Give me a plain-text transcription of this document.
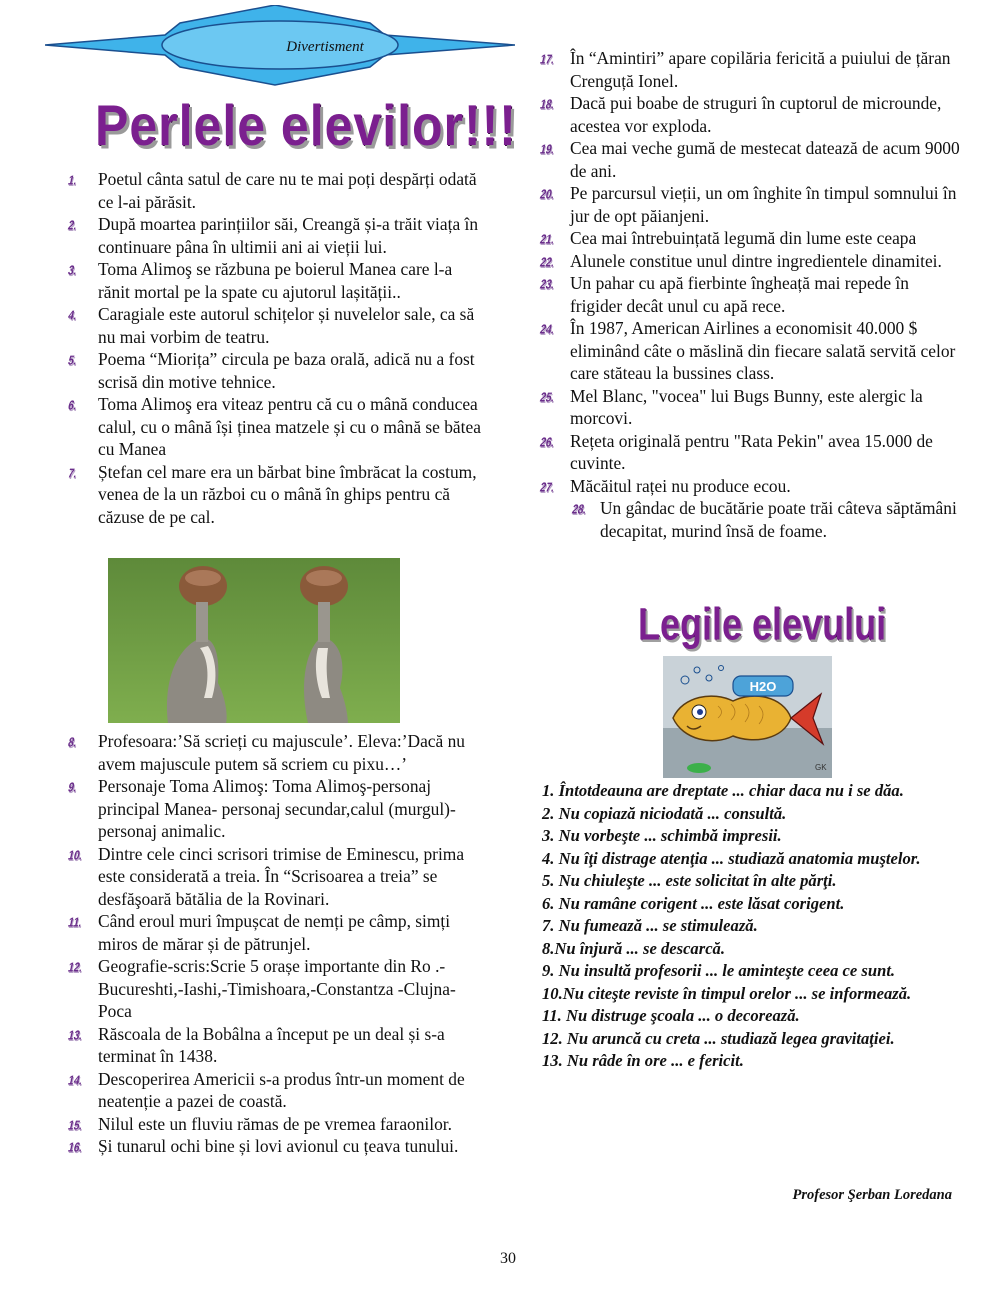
Divertisment
Perlele elevilor!!!
1. Poetul cânta satul de care nu te mai poți despărți odată ce l-ai părăsit.
2. După moartea parințiilor săi, Creangă și-a trăit viața în continuare pâna în ultimii ani ai vieții lui.
3. Toma Alimoş se răzbuna pe boierul Manea care l-a rănit mortal pe la spate cu ajutorul lașității..
4. Caragiale este autorul schițelor și nuvelelor sale, ca să nu mai vorbim de teatru.
5. Poema “Miorița” circula pe baza orală, adică nu a fost scrisă din motive tehnice.
6. Toma Alimoş era viteaz pentru că cu o mână conducea calul, cu o mână își ținea matzele și cu o mână se bătea cu Manea
7. Ștefan cel mare era un bărbat bine îmbrăcat la costum, venea de la un război cu o mână în ghips pentru că căzuse de pe cal.
8. Profesoara:’Să scrieți cu majuscule’. Eleva:’Dacă nu avem majuscule putem să scriem cu pixu…’
9. Personaje Toma Alimoş: Toma Alimoş-personaj principal Manea- personaj secundar,calul (murgul)- personaj animalic.
10. Dintre cele cinci scrisori trimise de Eminescu, prima este considerată a treia. În “Scrisoarea a treia” se desfăşoară bătălia de la Rovinari.
11. Când eroul muri împușcat de nemți pe câmp, simți miros de mărar și de pătrunjel.
12. Geografie-scris:Scrie 5 orașe importante din Ro .-Bucureshti,-Iashi,-Timishoara,-Constantza -Clujna-Poca
13. Răscoala de la Bobâlna a început pe un deal și s-a terminat în 1438.
14. Descoperirea Americii s-a produs într-un moment de neatenție a pazei de coastă.
15. Nilul este un fluviu rămas de pe vremea faraonilor.
16. Și tunarul ochi bine și lovi avionul cu țeava tunului.
17. În “Amintiri” apare copilăria fericită a puiului de țăran Crenguță Ionel.
18. Dacă pui boabe de struguri în cuptorul de microunde, acestea vor exploda.
19. Cea mai veche gumă de mestecat datează de acum 9000 de ani.
20. Pe parcursul vieții, un om înghite în timpul somnului în jur de opt păianjeni.
21. Cea mai întrebuințată legumă din lume este ceapa
22. Alunele constitue unul dintre ingredientele dinamitei.
23. Un pahar cu apă fierbinte îngheață mai repede în frigider decât unul cu apă rece.
24. În 1987, American Airlines a economisit 40.000 $ eliminând câte o măslină din fiecare salată servită celor care stăteau la bussines class.
25. Mel Blanc, "vocea" lui Bugs Bunny, este alergic la morcovi.
26. Rețeta originală pentru "Rata Pekin" avea 15.000 de cuvinte.
27. Măcăitul raței nu produce ecou.
28. Un gândac de bucătărie poate trăi câteva săptămâni decapitat, murind însă de foame.
Legile elevului
H2O
GK

1. Întotdeauna are dreptate ... chiar daca nu i se dăa.

2. Nu copiază niciodată ... consultă.

3. Nu vorbeşte ... schimbă impresii.

4. Nu îţi distrage atenţia ... studiază anatomia muştelor.

5. Nu chiuleşte ... este solicitat în alte părţi.

6. Nu ramâne corigent ... este lăsat corigent.

7. Nu fumează ... se stimulează.

8.Nu înjură ... se descarcă.

9. Nu insultă profesorii ... le aminteşte ceea ce sunt.

10.Nu citeşte reviste în timpul orelor ... se informează.

11. Nu distruge şcoala ... o decorează.

12. Nu aruncă cu creta ... studiază legea gravitaţiei.

13. Nu râde în ore ... e fericit.

Profesor Şerban Loredana
30
